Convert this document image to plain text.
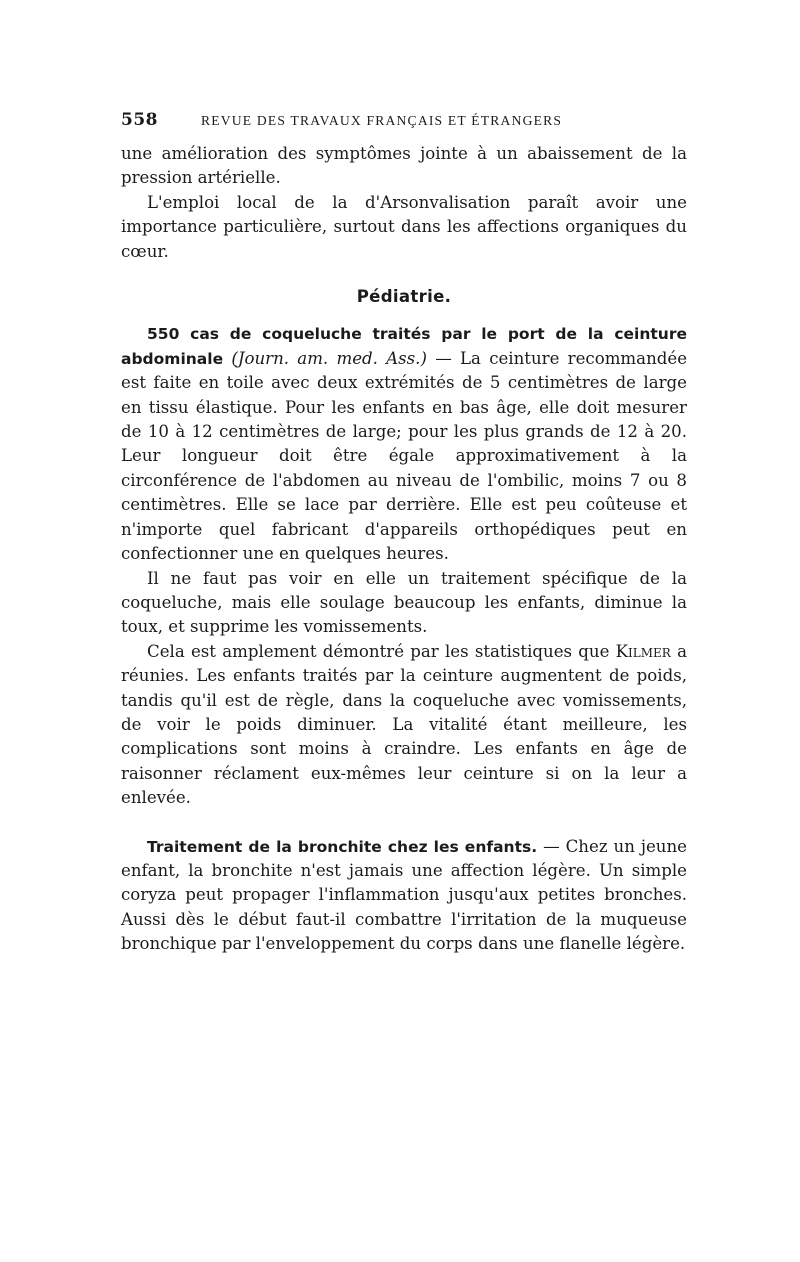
558	REVUE DES TRAVAUX FRANÇAIS ET ÉTRANGERS

une amélioration des symptômes jointe à un abaissement de la pression artérielle.

L'emploi local de la d'Arsonvalisation paraît avoir une importance particulière, surtout dans les affections organiques du cœur.

Pédiatrie.

550 cas de coqueluche traités par le port de la ceinture abdominale (Journ. am. med. Ass.) — La ceinture recommandée est faite en toile avec deux extrémités de 5 centimètres de large en tissu élastique. Pour les enfants en bas âge, elle doit mesurer de 10 à 12 centimètres de large; pour les plus grands de 12 à 20. Leur longueur doit être égale approximativement à la circonférence de l'abdomen au niveau de l'ombilic, moins 7 ou 8 centimètres. Elle se lace par derrière. Elle est peu coûteuse et n'importe quel fabricant d'appareils orthopédiques peut en confectionner une en quelques heures.

Il ne faut pas voir en elle un traitement spécifique de la coqueluche, mais elle soulage beaucoup les enfants, diminue la toux, et supprime les vomissements.

Cela est amplement démontré par les statistiques que Kilmer a réunies. Les enfants traités par la ceinture augmentent de poids, tandis qu'il est de règle, dans la coqueluche avec vomissements, de voir le poids diminuer. La vitalité étant meilleure, les complications sont moins à craindre. Les enfants en âge de raisonner réclament eux-mêmes leur ceinture si on la leur a enlevée.

Traitement de la bronchite chez les enfants. — Chez un jeune enfant, la bronchite n'est jamais une affection légère. Un simple coryza peut propager l'inflammation jusqu'aux petites bronches. Aussi dès le début faut-il combattre l'irritation de la muqueuse bronchique par l'enveloppement du corps dans une flanelle légère.
